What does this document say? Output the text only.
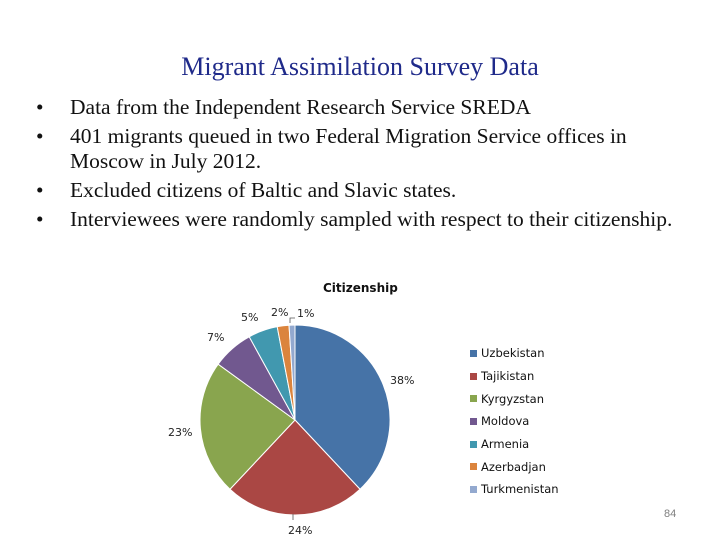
Migrant Assimilation Survey Data
• Data from the Independent Research Service SREDA
• 401 migrants queued in two Federal Migration Service offices in Moscow in July 2012.
• Excluded citizens of Baltic and Slavic states.
• Interviewees were randomly sampled with respect to their citizenship.
Citizenship
38%
24%
23%
7%
5% 2% 1%
Uzbekistan
Tajikistan
Kyrgyzstan
Moldova
Armenia
Azerbadjan
Turkmenistan
84
